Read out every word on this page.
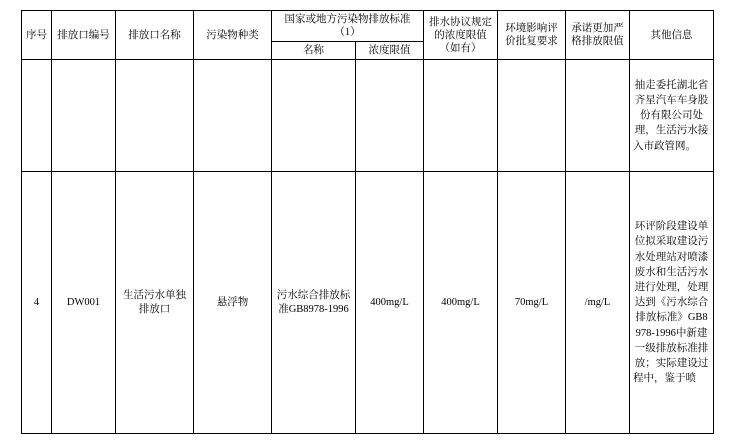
序号	排放口编号	排放口名称	污染物种类	国家或地方污染物排放标准（1）		排水协议规定的浓度限值（如有）	环境影响评价批复要求	承诺更加严格排放限值	其他信息
				名称	浓度限值				
									抽走委托湖北省齐星汽车车身股份有限公司处理，生活污水接入市政管网。
4	DW001	生活污水单独排放口	悬浮物	污水综合排放标准GB8978-1996	400mg/L	400mg/L	70mg/L	/mg/L	环评阶段建设单位拟采取建设污水处理站对喷漆废水和生活污水进行处理，处理达到《污水综合排放标准》GB8978-1996中新建一级排放标准排放；实际建设过程中，鉴于喷
